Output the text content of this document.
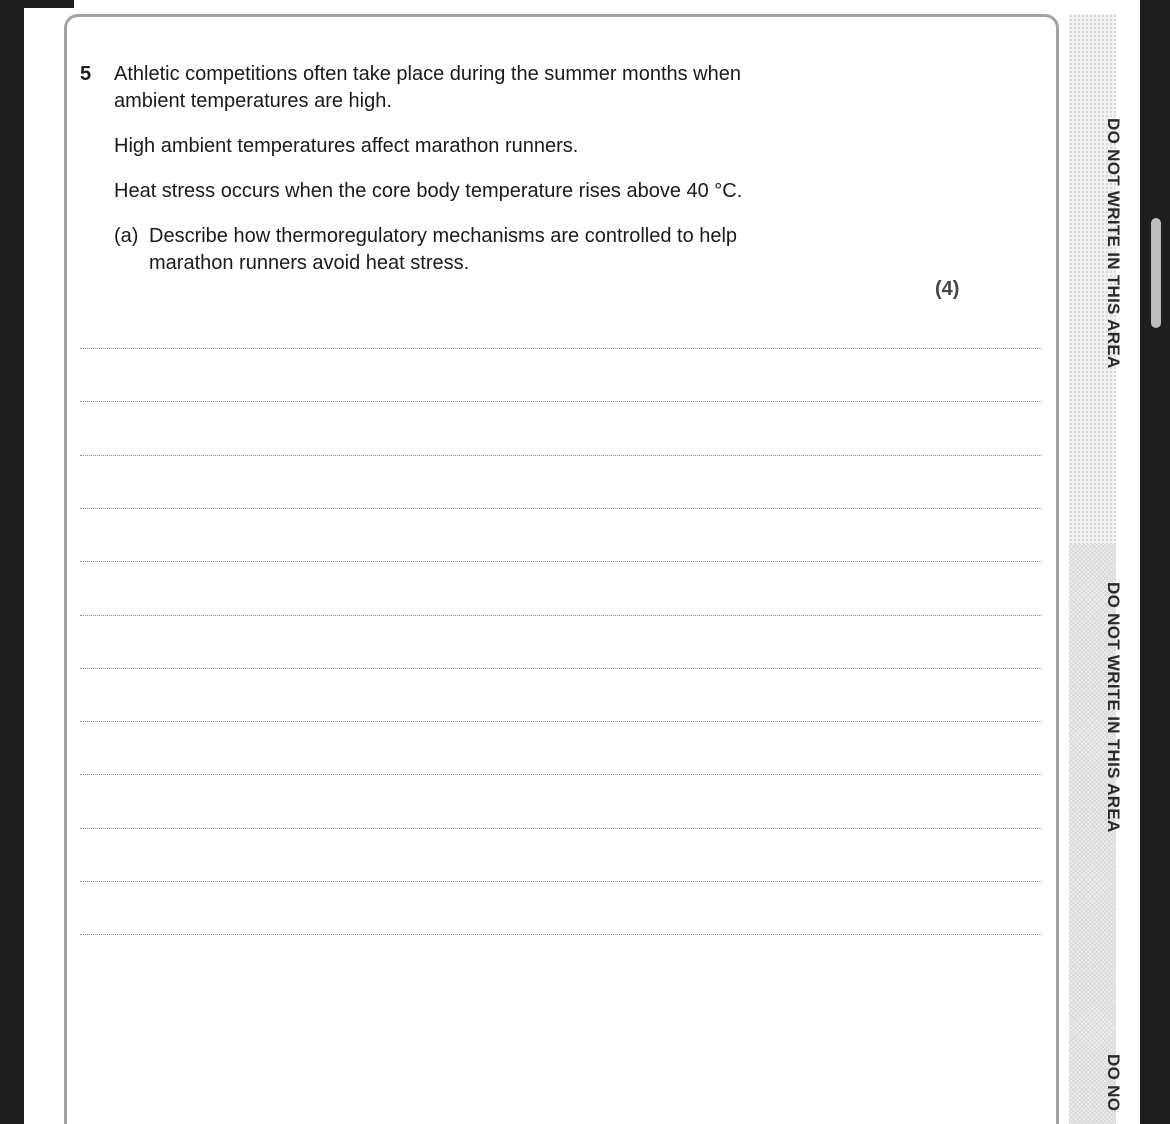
5 Athletic competitions often take place during the summer months when
ambient temperatures are high.
High ambient temperatures affect marathon runners.
Heat stress occurs when the core body temperature rises above 40 °C.
(a) Describe how thermoregulatory mechanisms are controlled to help
marathon runners avoid heat stress.
(4)	DO NOT WRITE IN THIS AREA
DO NOT WRITE IN THIS AREA
DO NO
